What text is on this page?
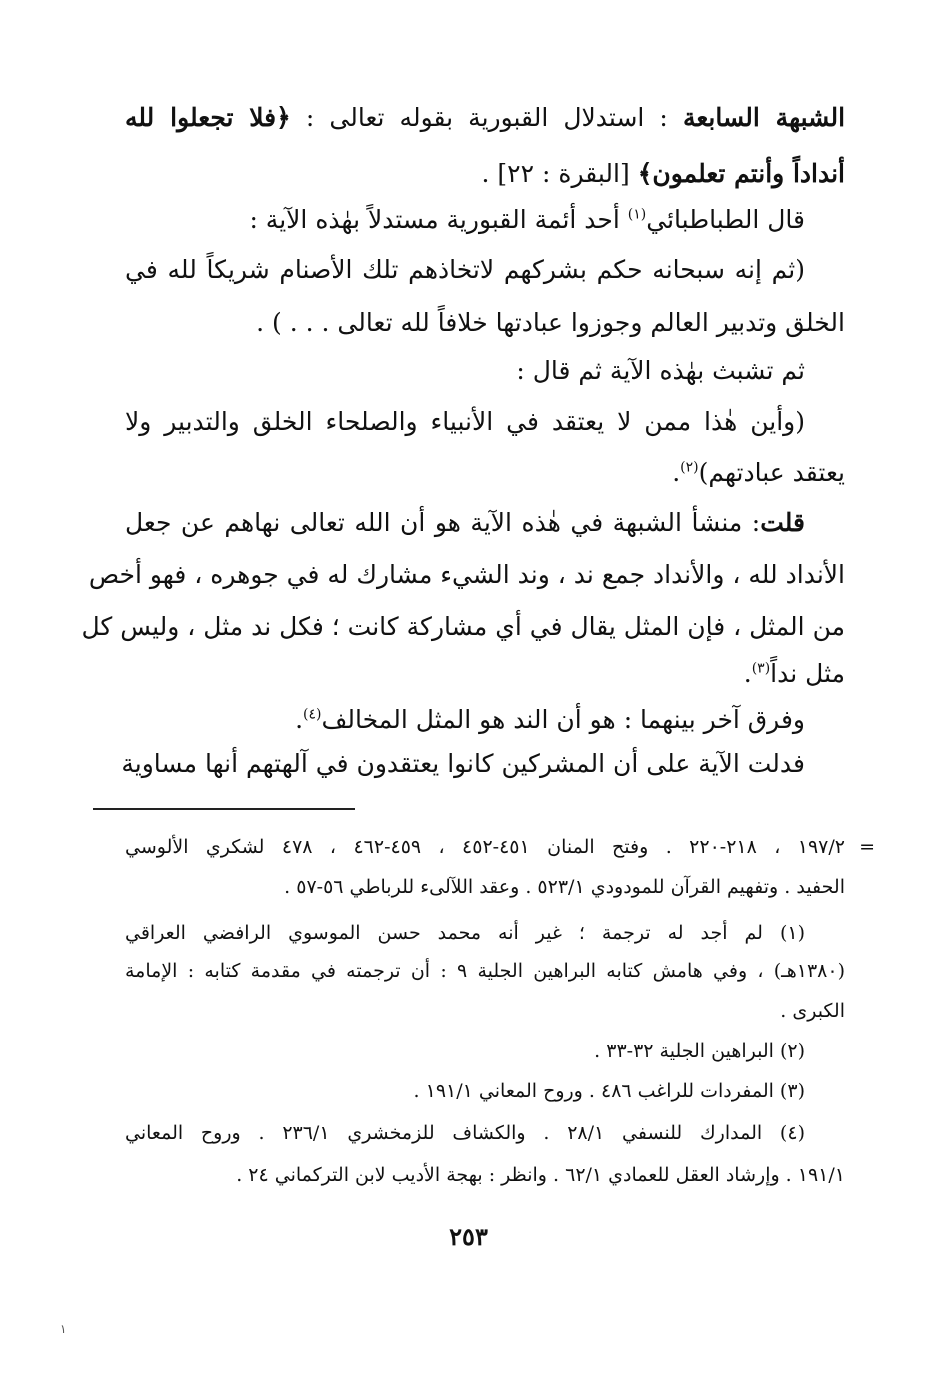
الشبهة السابعة : استدلال القبورية بقوله تعالى : ﴿فلا تجعلوا لله
أنداداً وأنتم تعلمون﴾ [البقرة : ٢٢] .
قال الطباطبائي$^{(١)}$ أحد أئمة القبورية مستدلاً بهٰذه الآية :
(ثم إنه سبحانه حكم بشركهم لاتخاذهم تلك الأصنام شريكاً لله في
الخلق وتدبير العالم وجوزوا عبادتها خلافاً لله تعالى . . . ) .
ثم تشبث بهٰذه الآية ثم قال :
(وأين هٰذا ممن لا يعتقد في الأنبياء والصلحاء الخلق والتدبير ولا
يعتقد عبادتهم)$^{(٢)}$.
قلت: منشأ الشبهة في هٰذه الآية هو أن الله تعالى نهاهم عن جعل
الأنداد لله ، والأنداد جمع ند ، وند الشيء مشارك له في جوهره ، فهو أخص
من المثل ، فإن المثل يقال في أي مشاركة كانت ؛ فكل ند مثل ، وليس كل
مثل نداً$^{(٣)}$.
وفرق آخر بينهما : هو أن الند هو المثل المخالف$^{(٤)}$.
فدلت الآية على أن المشركين كانوا يعتقدون في آلهتهم أنها مساوية
=
١٩٧/٢ ، ٢١٨-٢٢٠ . وفتح المنان ٤٥١-٤٥٢ ، ٤٥٩-٤٦٢ ، ٤٧٨ لشكري الألوسي
الحفيد . وتفهيم القرآن للمودودي ٥٢٣/١ . وعقد اللآلىء للرباطي ٥٦-٥٧ .
(١) لم أجد له ترجمة ؛ غير أنه محمد حسن الموسوي الرافضي العراقي
(١٣٨٠هـ) ، وفي هامش كتابه البراهين الجلية ٩ : أن ترجمته في مقدمة كتابه : الإمامة
الكبرى .
(٢) البراهين الجلية ٣٢-٣٣ .
(٣) المفردات للراغب ٤٨٦ . وروح المعاني ١٩١/١ .
(٤) المدارك للنسفي ٢٨/١ . والكشاف للزمخشري ٢٣٦/١ . وروح المعاني
١٩١/١ . وإرشاد العقل للعمادي ٦٢/١ . وانظر : بهجة الأديب لابن التركماني ٢٤ .
٢٥٣
١
